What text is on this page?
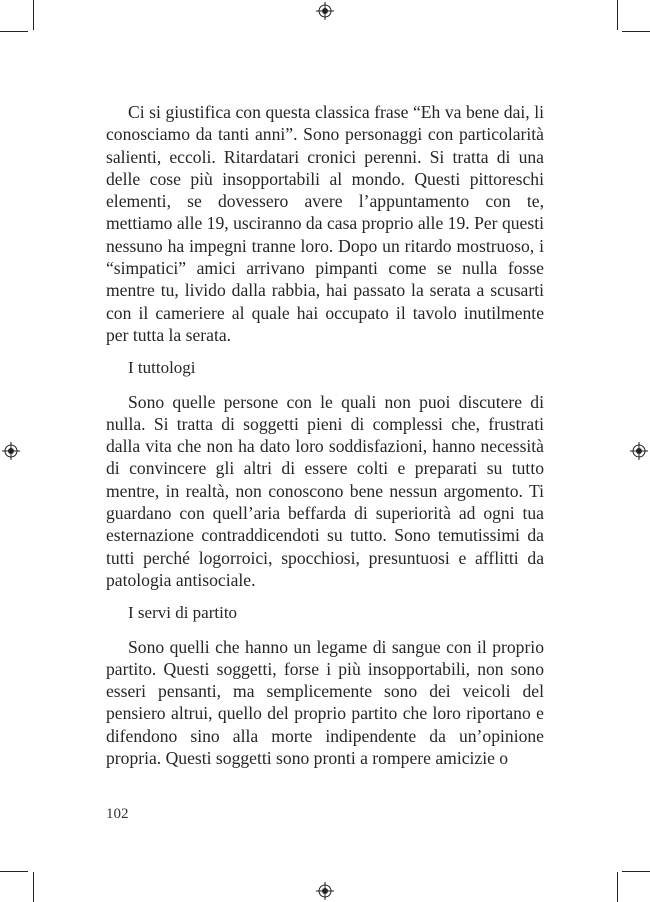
Ci si giustifica con questa classica frase “Eh va bene dai, li conosciamo da tanti anni”. Sono personaggi con particolarità salienti, eccoli. Ritardatari cronici perenni. Si tratta di una delle cose più insopportabili al mondo. Questi pittoreschi elementi, se dovessero avere l’appuntamento con te, mettiamo alle 19, usciranno da casa proprio alle 19. Per questi nessuno ha impegni tranne loro. Dopo un ritardo mostruoso, i “simpatici” amici arrivano pimpanti come se nulla fosse mentre tu, livido dalla rabbia, hai passato la serata a scusarti con il cameriere al quale hai occupato il tavolo inutilmente per tutta la serata.

I tuttologi

Sono quelle persone con le quali non puoi discutere di nulla. Si tratta di soggetti pieni di complessi che, frustrati dalla vita che non ha dato loro soddisfazioni, hanno necessità di convincere gli altri di essere colti e preparati su tutto mentre, in realtà, non conoscono bene nessun argomento. Ti guardano con quell’aria beffarda di superiorità ad ogni tua esternazione contraddicendoti su tutto. Sono temutissimi da tutti perché logorroici, spocchiosi, presuntuosi e afflitti da patologia antisociale.

I servi di partito

Sono quelli che hanno un legame di sangue con il proprio partito. Questi soggetti, forse i più insopportabili, non sono esseri pensanti, ma semplicemente sono dei veicoli del pensiero altrui, quello del proprio partito che loro riportano e difendono sino alla morte indipendente da un’opinione propria. Questi soggetti sono pronti a rompere amicizie o

102
